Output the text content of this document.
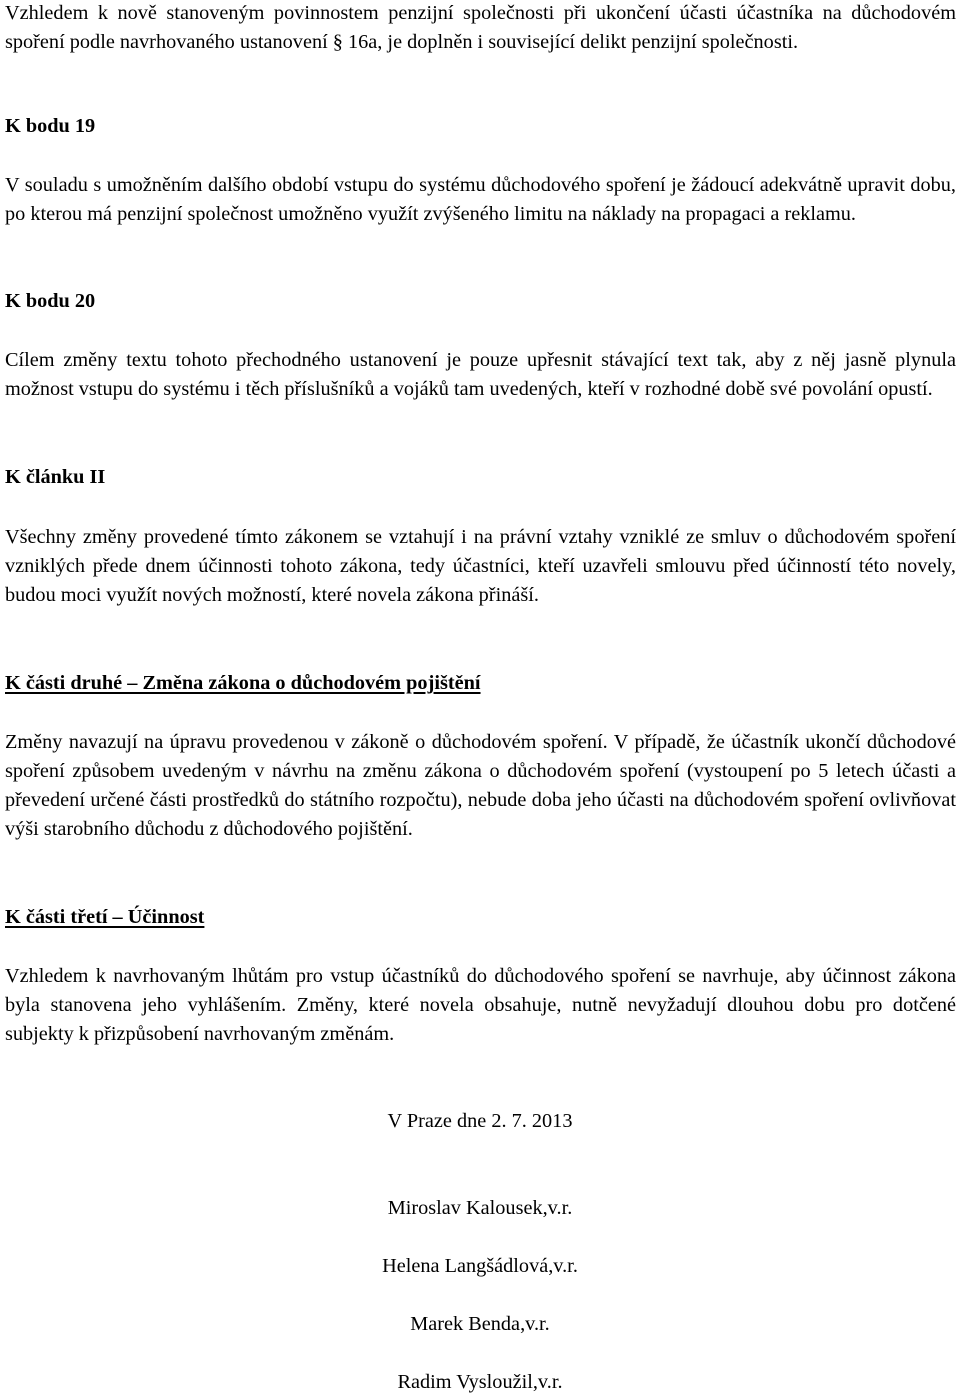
Vzhledem k nově stanoveným povinnostem penzijní společnosti při ukončení účasti účastníka na důchodovém spoření podle navrhovaného ustanovení § 16a, je doplněn i související delikt penzijní společnosti.

K bodu 19

V souladu s umožněním dalšího období vstupu do systému důchodového spoření je žádoucí adekvátně upravit dobu, po kterou má penzijní společnost umožněno využít zvýšeného limitu na náklady na propagaci a reklamu.

K bodu 20

Cílem změny textu tohoto přechodného ustanovení je pouze upřesnit stávající text tak, aby z něj jasně plynula možnost vstupu do systému i těch příslušníků a vojáků tam uvedených, kteří v rozhodné době své povolání opustí.

K článku II

Všechny změny provedené tímto zákonem se vztahují i na právní vztahy vzniklé ze smluv o důchodovém spoření vzniklých přede dnem účinnosti tohoto zákona, tedy účastníci, kteří uzavřeli smlouvu před účinností této novely, budou moci využít nových možností, které novela zákona přináší.

K části druhé – Změna zákona o důchodovém pojištění

Změny navazují na úpravu provedenou v zákoně o důchodovém spoření. V případě, že účastník ukončí důchodové spoření způsobem uvedeným v návrhu na změnu zákona o důchodovém spoření (vystoupení po 5 letech účasti a převedení určené části prostředků do státního rozpočtu), nebude doba jeho účasti na důchodovém spoření ovlivňovat výši starobního důchodu z důchodového pojištění.

K části třetí – Účinnost

Vzhledem k navrhovaným lhůtám pro vstup účastníků do důchodového spoření se navrhuje, aby účinnost zákona byla stanovena jeho vyhlášením. Změny, které novela obsahuje, nutně nevyžadují dlouhou dobu pro dotčené subjekty k přizpůsobení navrhovaným změnám.

V Praze dne 2. 7. 2013
Miroslav Kalousek,v.r.
Helena Langšádlová,v.r.
Marek Benda,v.r.
Radim Vysloužil,v.r.
